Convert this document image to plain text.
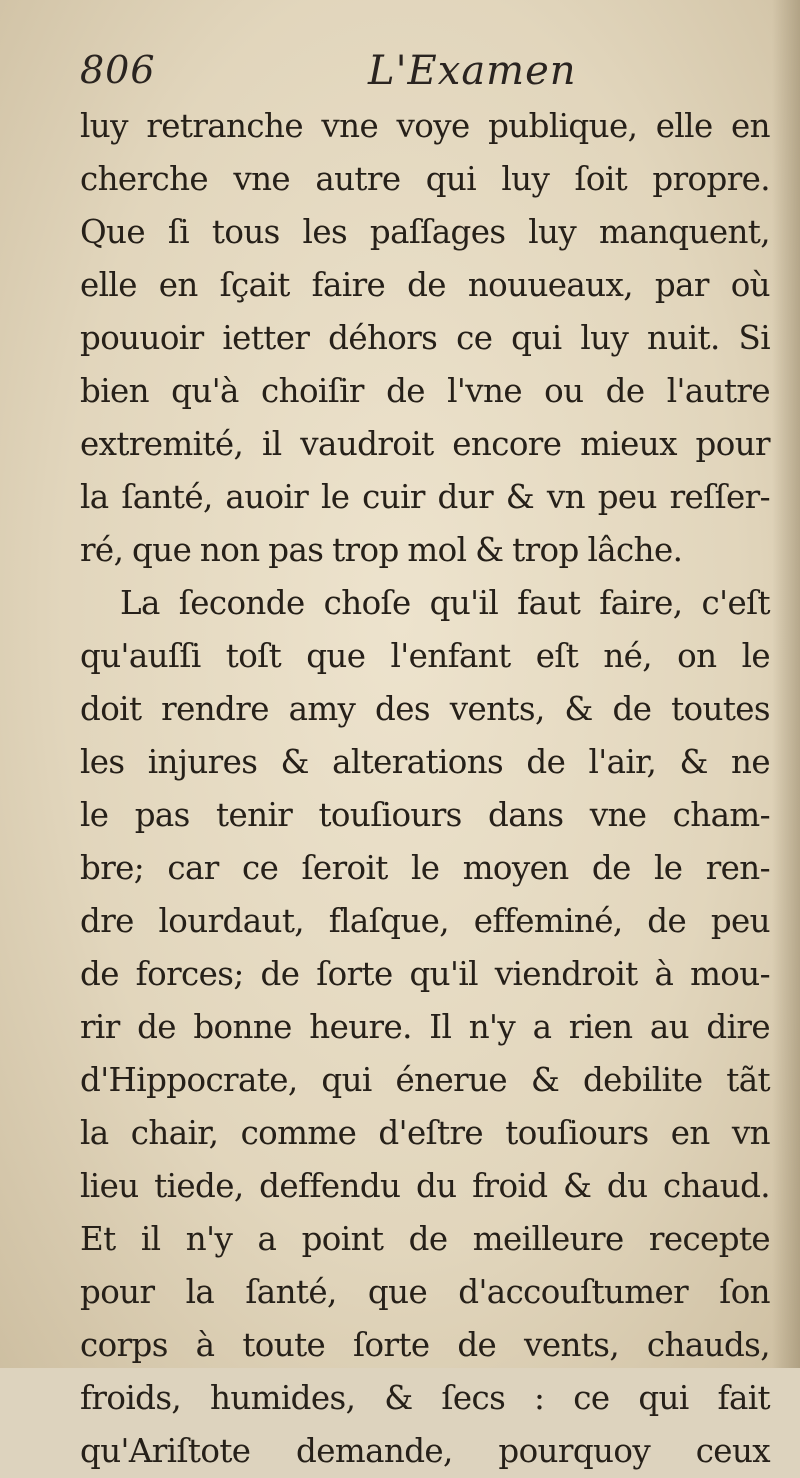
806	L'Examen
luy retranche vne voye publique, elle en
cherche vne autre qui luy ſoit propre.
Que ſi tous les paſſages luy manquent,
elle en ſçait faire de nouueaux, par où
pouuoir ietter déhors ce qui luy nuit. Si
bien qu'à choiſir de l'vne ou de l'autre
extremité, il vaudroit encore mieux pour
la ſanté, auoir le cuir dur & vn peu reſſer-
ré, que non pas trop mol & trop lâche.
La ſeconde choſe qu'il faut faire, c'eſt
qu'auſſi toſt que l'enfant eſt né, on le
doit rendre amy des vents, & de toutes
les injures & alterations de l'air, & ne
le pas tenir touſiours dans vne cham-
bre; car ce ſeroit le moyen de le ren-
dre lourdaut, flaſque, effeminé, de peu
de forces; de ſorte qu'il viendroit à mou-
rir de bonne heure. Il n'y a rien au dire
d'Hippocrate, qui énerue & debilite tãt
la chair, comme d'eſtre touſiours en vn
lieu tiede, deffendu du froid & du chaud.
Et il n'y a point de meilleure recepte
pour la ſanté, que d'accouſtumer ſon
corps à toute ſorte de vents, chauds,
froids, humides, & ſecs : ce qui fait
qu'Ariſtote demande, pourquoy ceux
